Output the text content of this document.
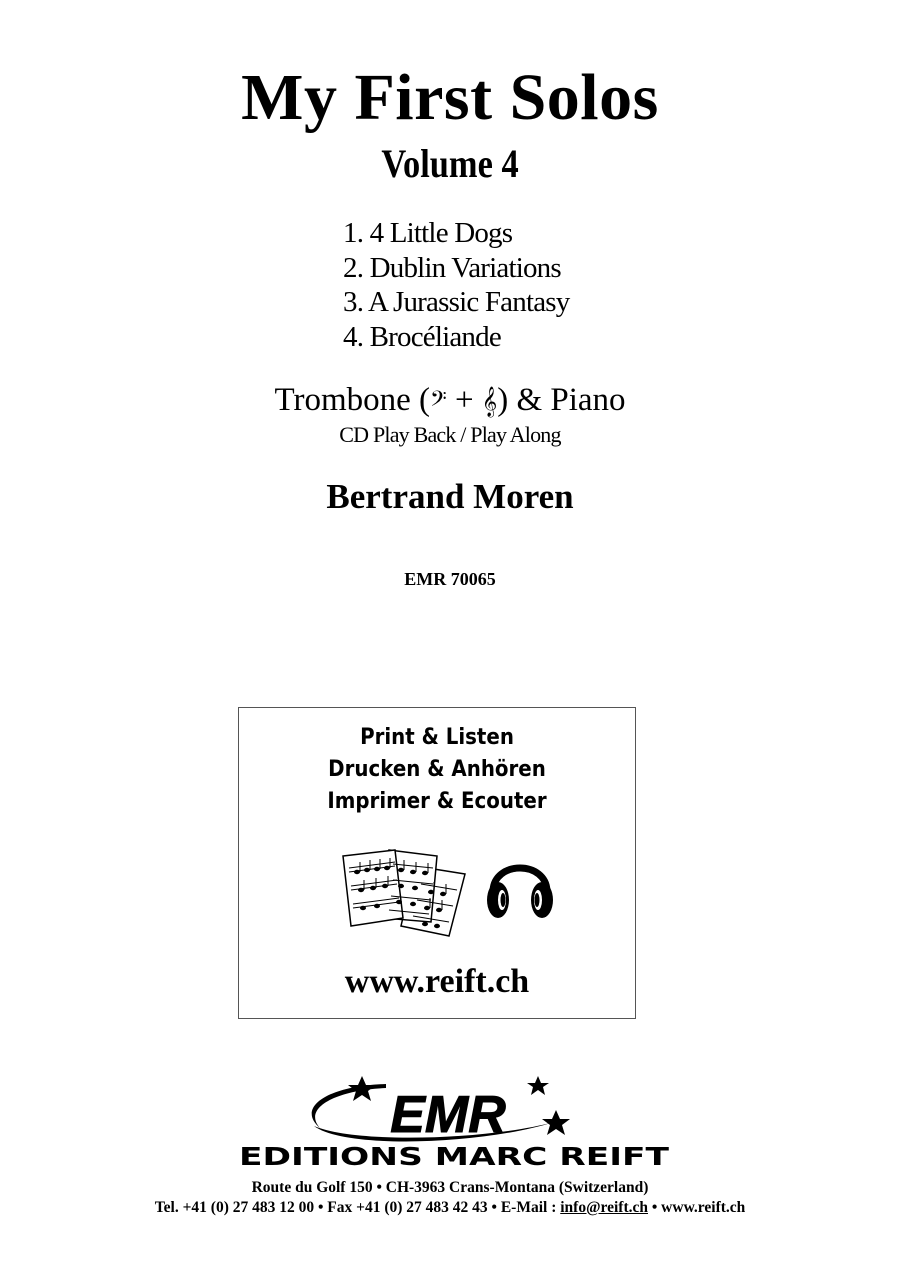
My First Solos
Volume 4
1. 4 Little Dogs
2. Dublin Variations
3. A Jurassic Fantasy
4. Brocéliande
Trombone (𝄢 + 𝄞) & Piano
CD Play Back / Play Along
Bertrand Moren
EMR 70065
Print & Listen
Drucken & Anhören
Imprimer & Ecouter
www.reift.ch
EMR
EDITIONS MARC REIFT
Route du Golf 150 • CH-3963 Crans-Montana (Switzerland)
Tel. +41 (0) 27 483 12 00 • Fax +41 (0) 27 483 42 43 • E-Mail : info@reift.ch • www.reift.ch
